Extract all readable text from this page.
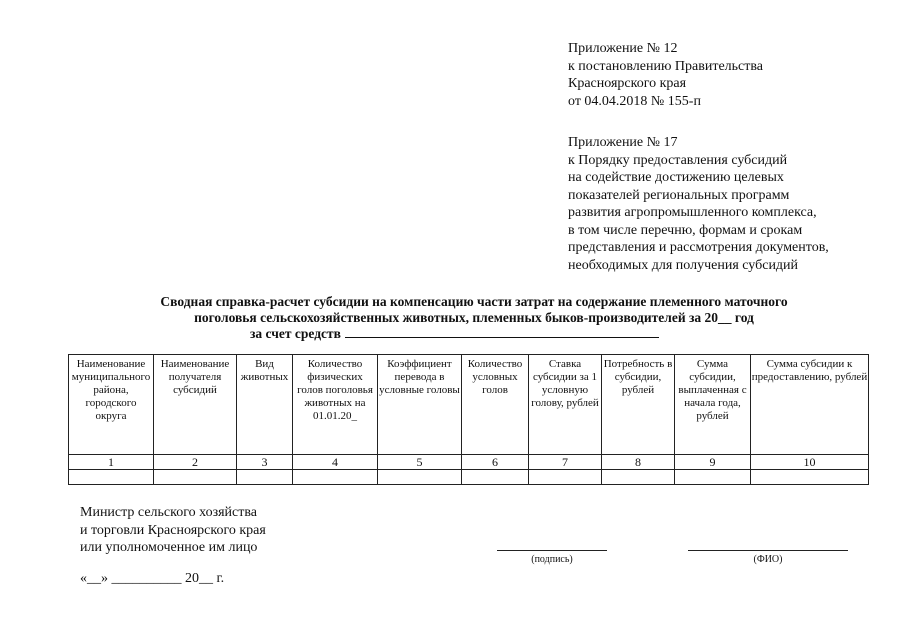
Приложение № 12
к постановлению Правительства
Красноярского края
от 04.04.2018 № 155-п
Приложение № 17
к Порядку предоставления субсидий
на содействие достижению целевых
показателей региональных программ
развития агропромышленного комплекса,
в том числе перечню, формам и срокам
представления и рассмотрения документов,
необходимых для получения субсидий
Сводная справка-расчет субсидии на компенсацию части затрат на содержание племенного маточного
поголовья сельскохозяйственных животных, племенных быков-производителей за 20__ год
за счет средств
Наименование муниципального района, городского округа	Наименование получателя субсидий	Вид животных	Количество физических голов поголовья животных на 01.01.20_	Коэффициент перевода в условные головы	Количество условных голов	Ставка субсидии за 1 условную голову, рублей	Потребность в субсидии, рублей	Сумма субсидии, выплаченная с начала года, рублей	Сумма субсидии к предоставлению, рублей
1	2	3	4	5	6	7	8	9	10

Министр сельского хозяйства
и торговли Красноярского края
или уполномоченное им лицо
«__» __________ 20__ г.
(подпись)	(ФИО)
